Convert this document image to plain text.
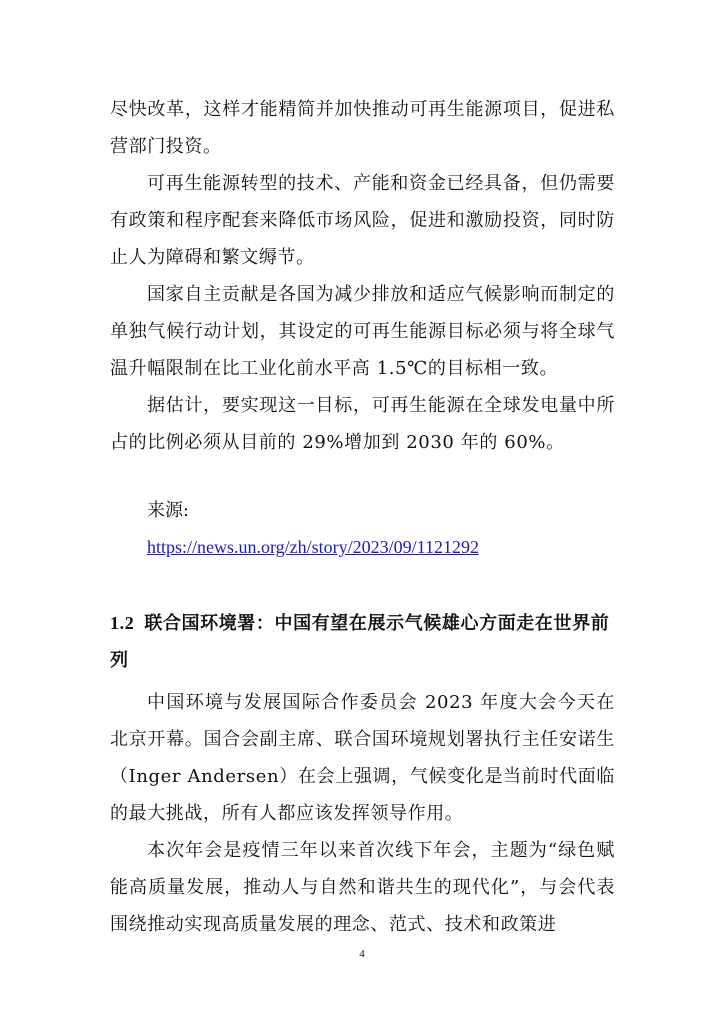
尽快改革，这样才能精简并加快推动可再生能源项目，促进私营部门投资。

可再生能源转型的技术、产能和资金已经具备，但仍需要有政策和程序配套来降低市场风险，促进和激励投资，同时防止人为障碍和繁文缛节。

国家自主贡献是各国为减少排放和适应气候影响而制定的单独气候行动计划，其设定的可再生能源目标必须与将全球气温升幅限制在比工业化前水平高 1.5℃的目标相一致。

据估计，要实现这一目标，可再生能源在全球发电量中所占的比例必须从目前的 29%增加到 2030 年的 60%。

来源:
https://news.un.org/zh/story/2023/09/1121292
1.2 联合国环境署：中国有望在展示气候雄心方面走在世界前列

中国环境与发展国际合作委员会 2023 年度大会今天在北京开幕。国合会副主席、联合国环境规划署执行主任安诺生（Inger Andersen）在会上强调，气候变化是当前时代面临的最大挑战，所有人都应该发挥领导作用。

本次年会是疫情三年以来首次线下年会，主题为“绿色赋能高质量发展，推动人与自然和谐共生的现代化”，与会代表围绕推动实现高质量发展的理念、范式、技术和政策进

4
